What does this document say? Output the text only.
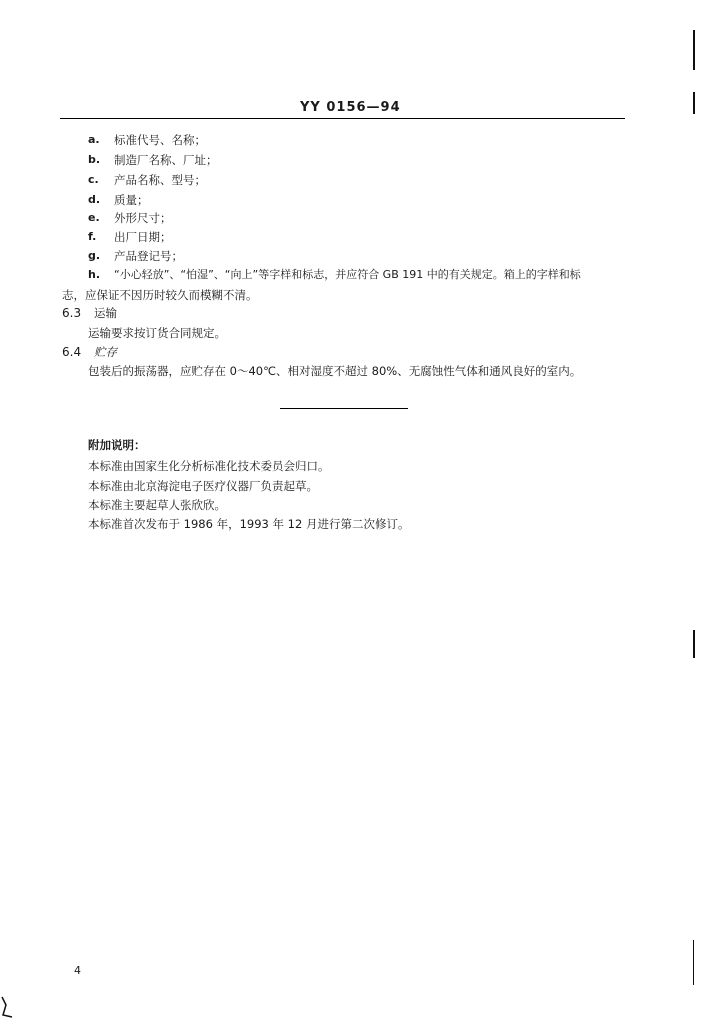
YY 0156—94
a. 标准代号、名称；
b. 制造厂名称、厂址；
c. 产品名称、型号；
d. 质量；
e. 外形尺寸；
f.	出厂日期；
g. 产品登记号；
h. “小心轻放”、“怕湿”、“向上”等字样和标志，并应符合 GB 191 中的有关规定。箱上的字样和标
志，应保证不因历时较久而模糊不清。
6.3 运输
运输要求按订货合同规定。
6.4 贮存
包装后的振荡器，应贮存在 0～40℃、相对湿度不超过 80%、无腐蚀性气体和通风良好的室内。
附加说明：
本标准由国家生化分析标准化技术委员会归口。
本标准由北京海淀电子医疗仪器厂负责起草。
本标准主要起草人张欣欣。
本标准首次发布于 1986 年，1993 年 12 月进行第二次修订。
4
